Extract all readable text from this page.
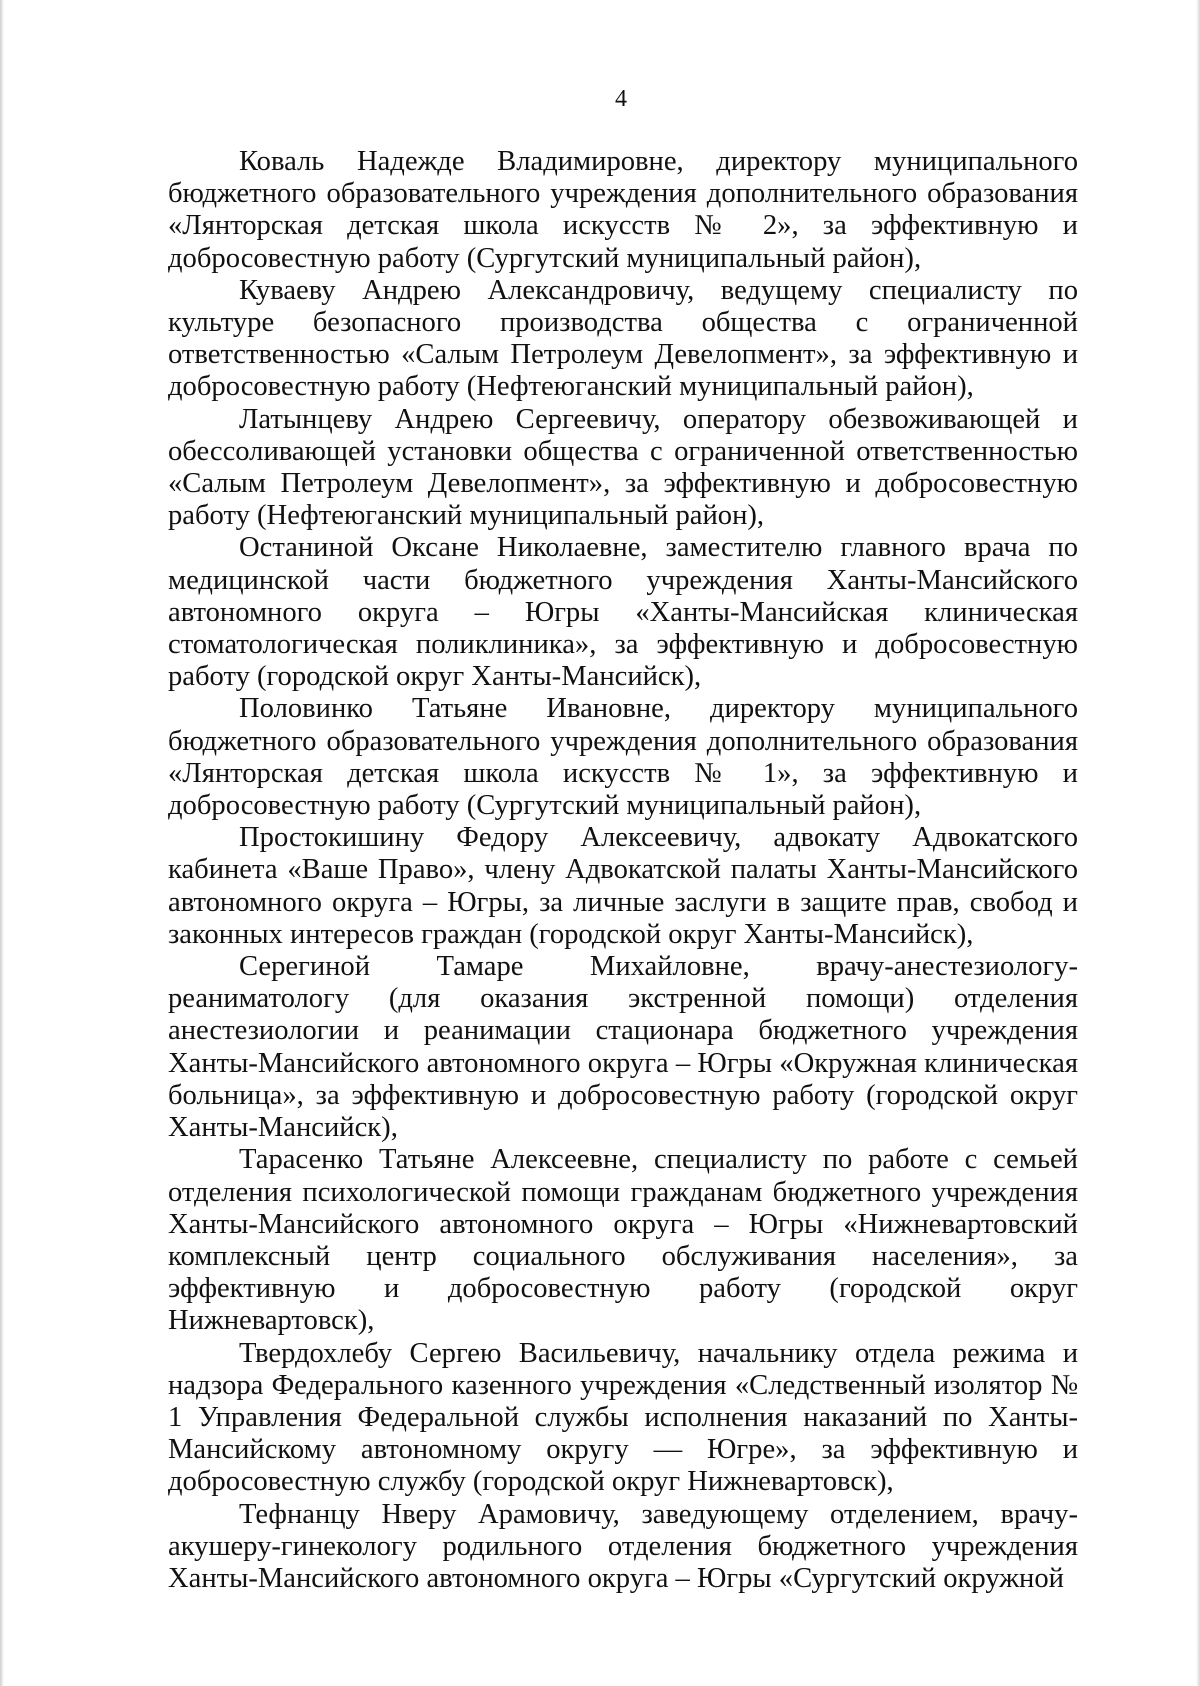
4

Коваль Надежде Владимировне, директору муниципального бюджетного образовательного учреждения дополнительного образования «Лянторская детская школа искусств № 2», за эффективную и добросовестную работу (Сургутский муниципальный район),

Куваеву Андрею Александровичу, ведущему специалисту по культуре безопасного производства общества с ограниченной ответственностью «Салым Петролеум Девелопмент», за эффективную и добросовестную работу (Нефтеюганский муниципальный район),

Латынцеву Андрею Сергеевичу, оператору обезвоживающей и обессоливающей установки общества с ограниченной ответственностью «Салым Петролеум Девелопмент», за эффективную и добросовестную работу (Нефтеюганский муниципальный район),

Останиной Оксане Николаевне, заместителю главного врача по медицинской части бюджетного учреждения Ханты-Мансийского автономного округа – Югры «Ханты-Мансийская клиническая стоматологическая поликлиника», за эффективную и добросовестную работу (городской округ Ханты-Мансийск),

Половинко Татьяне Ивановне, директору муниципального бюджетного образовательного учреждения дополнительного образования «Лянторская детская школа искусств № 1», за эффективную и добросовестную работу (Сургутский муниципальный район),

Простокишину Федору Алексеевичу, адвокату Адвокатского кабинета «Ваше Право», члену Адвокатской палаты Ханты-Мансийского автономного округа – Югры, за личные заслуги в защите прав, свобод и законных интересов граждан (городской округ Ханты-Мансийск),

Серегиной Тамаре Михайловне, врачу-анестезиологу-реаниматологу (для оказания экстренной помощи) отделения анестезиологии и реанимации стационара бюджетного учреждения Ханты-Мансийского автономного округа – Югры «Окружная клиническая больница», за эффективную и добросовестную работу (городской округ Ханты-Мансийск),

Тарасенко Татьяне Алексеевне, специалисту по работе с семьей отделения психологической помощи гражданам бюджетного учреждения Ханты-Мансийского автономного округа – Югры «Нижневартовский комплексный центр социального обслуживания населения», за эффективную и добросовестную работу (городской округ Нижневартовск),

Твердохлебу Сергею Васильевичу, начальнику отдела режима и надзора Федерального казенного учреждения «Следственный изолятор № 1 Управления Федеральной службы исполнения наказаний по Ханты-Мансийскому автономному округу — Югре», за эффективную и добросовестную службу (городской округ Нижневартовск),

Тефнанцу Нверу Арамовичу, заведующему отделением, врачу-акушеру-гинекологу родильного отделения бюджетного учреждения Ханты-Мансийского автономного округа – Югры «Сургутский окружной
